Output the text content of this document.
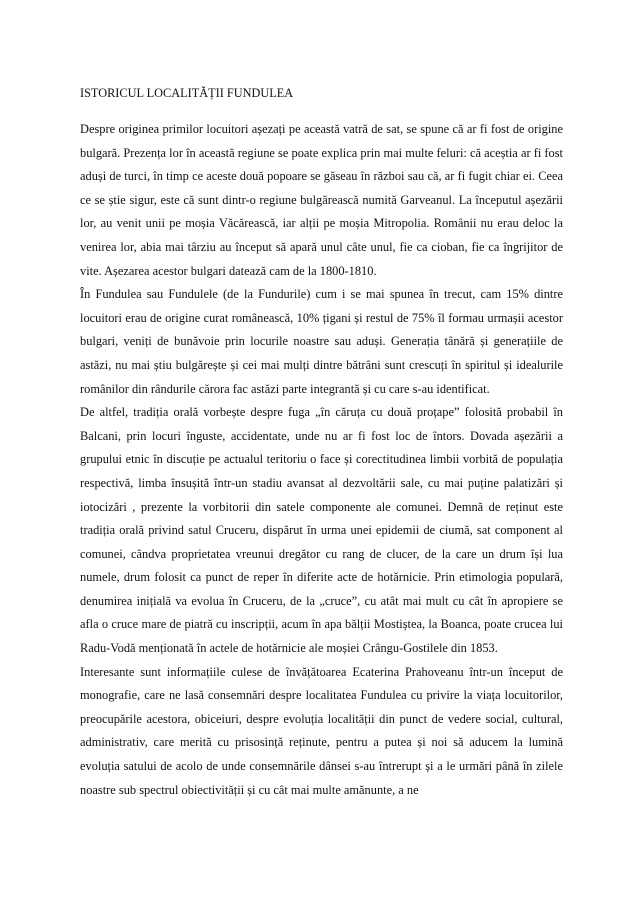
ISTORICUL LOCALITĂȚII FUNDULEA

Despre originea primilor locuitori așezați pe această vatră de sat, se spune că ar fi fost de origine bulgară. Prezența lor în această regiune se poate explica prin mai multe feluri: că aceștia ar fi fost aduși de turci, în timp ce aceste două popoare se găseau în război sau că, ar fi fugit chiar ei. Ceea ce se știe sigur, este că sunt dintr-o regiune bulgărească numită Garveanul. La începutul așezării lor, au venit unii pe moșia Văcărească, iar alții pe moșia Mitropolia. Românii nu erau deloc la venirea lor, abia mai târziu au început să apară unul câte unul, fie ca cioban, fie ca îngrijitor de vite. Așezarea acestor bulgari datează cam de la 1800-1810.

În Fundulea sau Fundulele (de la Fundurile) cum i se mai spunea în trecut, cam 15% dintre locuitori erau de origine curat românească, 10% țigani și restul de 75% îl formau urmașii acestor bulgari, veniți de bunăvoie prin locurile noastre sau aduși. Generația tânără și generațiile de astăzi, nu mai știu bulgărește și cei mai mulți dintre bătrâni sunt crescuți în spiritul și idealurile românilor din rândurile cărora fac astăzi parte integrantă și cu care s-au identificat.

De altfel, tradiția orală vorbește despre fuga „în căruța cu două proțape” folosită probabil în Balcani, prin locuri înguste, accidentate, unde nu ar fi fost loc de întors. Dovada așezării a grupului etnic în discuție pe actualul teritoriu o face și corectitudinea limbii vorbită de populația respectivă, limba însușită într-un stadiu avansat al dezvoltării sale, cu mai puține palatizări și iotocizări , prezente la vorbitorii din satele componente ale comunei. Demnă de reținut este tradiția orală privind satul Cruceru, dispărut în urma unei epidemii de ciumă, sat component al comunei, cândva proprietatea vreunui dregător cu rang de clucer, de la care un drum își lua numele, drum folosit ca punct de reper în diferite acte de hotărnicie. Prin etimologia populară, denumirea inițială va evolua în Cruceru, de la „cruce”, cu atât mai mult cu cât în apropiere se afla o cruce mare de piatră cu inscripții, acum în apa bălții Mostiștea, la Boanca, poate crucea lui Radu-Vodă menționată în actele de hotărnicie ale moșiei Crângu-Gostilele din 1853.

Interesante sunt informațiile culese de învățătoarea Ecaterina Prahoveanu într-un început de monografie, care ne lasă consemnări despre localitatea Fundulea cu privire la viața locuitorilor, preocupările acestora, obiceiuri, despre evoluția localității din punct de vedere social, cultural, administrativ, care merită cu prisosință reținute, pentru a putea și noi să aducem la lumină evoluția satului de acolo de unde consemnările dânsei s-au întrerupt și a le urmări până în zilele noastre sub spectrul obiectivității și cu cât mai multe amănunte, a ne
